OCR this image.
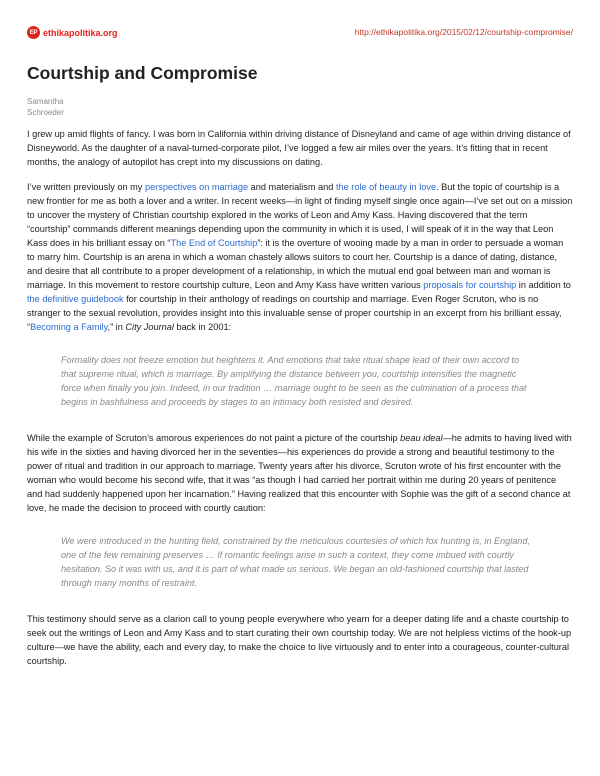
EP ethikapolitika.org	http://ethikapolitika.org/2015/02/12/courtship-compromise/
Courtship and Compromise
Samantha
Schroeder

I grew up amid flights of fancy. I was born in California within driving distance of Disneyland and came of age within driving distance of Disneyworld. As the daughter of a naval-turned-corporate pilot, I’ve logged a few air miles over the years. It’s fitting that in recent months, the analogy of autopilot has crept into my discussions on dating.

I’ve written previously on my perspectives on marriage and materialism and the role of beauty in love. But the topic of courtship is a new frontier for me as both a lover and a writer. In recent weeks—in light of finding myself single once again—I’ve set out on a mission to uncover the mystery of Christian courtship explored in the works of Leon and Amy Kass. Having discovered that the term “courtship” commands different meanings depending upon the community in which it is used, I will speak of it in the way that Leon Kass does in his brilliant essay on “The End of Courtship”: it is the overture of wooing made by a man in order to persuade a woman to marry him. Courtship is an arena in which a woman chastely allows suitors to court her. Courtship is a dance of dating, distance, and desire that all contribute to a proper development of a relationship, in which the mutual end goal between man and woman is marriage. In this movement to restore courtship culture, Leon and Amy Kass have written various proposals for courtship in addition to the definitive guidebook for courtship in their anthology of readings on courtship and marriage. Even Roger Scruton, who is no stranger to the sexual revolution, provides insight into this invaluable sense of proper courtship in an excerpt from his brilliant essay, “Becoming a Family,” in City Journal back in 2001:

Formality does not freeze emotion but heightens it. And emotions that take ritual shape lead of their own accord to that supreme ritual, which is marriage. By amplifying the distance between you, courtship intensifies the magnetic force when finally you join. Indeed, in our tradition … marriage ought to be seen as the culmination of a process that begins in bashfulness and proceeds by stages to an intimacy both resisted and desired.

While the example of Scruton’s amorous experiences do not paint a picture of the courtship beau ideal—he admits to having lived with his wife in the sixties and having divorced her in the seventies—his experiences do provide a strong and beautiful testimony to the power of ritual and tradition in our approach to marriage. Twenty years after his divorce, Scruton wrote of his first encounter with the woman who would become his second wife, that it was “as though I had carried her portrait within me during 20 years of penitence and had suddenly happened upon her incarnation.” Having realized that this encounter with Sophie was the gift of a second chance at love, he made the decision to proceed with courtly caution:

We were introduced in the hunting field, constrained by the meticulous courtesies of which fox hunting is, in England, one of the few remaining preserves … If romantic feelings arise in such a context, they come imbued with courtly hesitation. So it was with us, and it is part of what made us serious. We began an old-fashioned courtship that lasted through many months of restraint.

This testimony should serve as a clarion call to young people everywhere who yearn for a deeper dating life and a chaste courtship to seek out the writings of Leon and Amy Kass and to start curating their own courtship today. We are not helpless victims of the hook-up culture—we have the ability, each and every day, to make the choice to live virtuously and to enter into a courageous, counter-cultural courtship.
